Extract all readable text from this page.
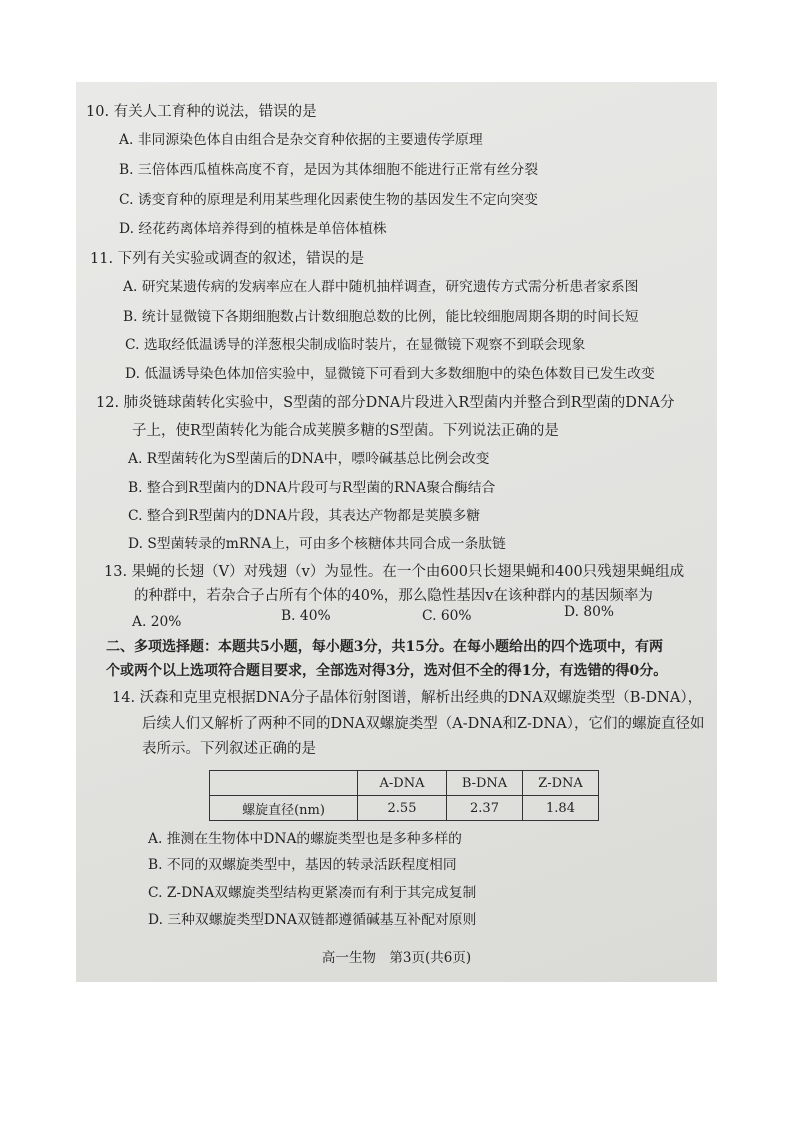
10. 有关人工育种的说法，错误的是
A. 非同源染色体自由组合是杂交育种依据的主要遗传学原理
B. 三倍体西瓜植株高度不育，是因为其体细胞不能进行正常有丝分裂
C. 诱变育种的原理是利用某些理化因素使生物的基因发生不定向突变
D. 经花药离体培养得到的植株是单倍体植株
11. 下列有关实验或调查的叙述，错误的是
A. 研究某遗传病的发病率应在人群中随机抽样调查，研究遗传方式需分析患者家系图
B. 统计显微镜下各期细胞数占计数细胞总数的比例，能比较细胞周期各期的时间长短
C. 选取经低温诱导的洋葱根尖制成临时装片，在显微镜下观察不到联会现象
D. 低温诱导染色体加倍实验中，显微镜下可看到大多数细胞中的染色体数目已发生改变
12. 肺炎链球菌转化实验中，S型菌的部分DNA片段进入R型菌内并整合到R型菌的DNA分
子上，使R型菌转化为能合成荚膜多糖的S型菌。下列说法正确的是
A. R型菌转化为S型菌后的DNA中，嘌呤碱基总比例会改变
B. 整合到R型菌内的DNA片段可与R型菌的RNA聚合酶结合
C. 整合到R型菌内的DNA片段，其表达产物都是荚膜多糖
D. S型菌转录的mRNA上，可由多个核糖体共同合成一条肽链
13. 果蝇的长翅（V）对残翅（v）为显性。在一个由600只长翅果蝇和400只残翅果蝇组成
的种群中，若杂合子占所有个体的40%，那么隐性基因v在该种群内的基因频率为
A. 20%	B. 40%	C. 60%	D. 80%
二、多项选择题：本题共5小题，每小题3分，共15分。在每小题给出的四个选项中，有两
个或两个以上选项符合题目要求，全部选对得3分，选对但不全的得1分，有选错的得0分。
14. 沃森和克里克根据DNA分子晶体衍射图谱，解析出经典的DNA双螺旋类型（B-DNA），
后续人们又解析了两种不同的DNA双螺旋类型（A-DNA和Z-DNA），它们的螺旋直径如
表所示。下列叙述正确的是
	A-DNA	B-DNA	Z-DNA
螺旋直径(nm)	2.55	2.37	1.84
A. 推测在生物体中DNA的螺旋类型也是多种多样的
B. 不同的双螺旋类型中，基因的转录活跃程度相同
C. Z-DNA双螺旋类型结构更紧凑而有利于其完成复制
D. 三种双螺旋类型DNA双链都遵循碱基互补配对原则
高一生物　第3页(共6页)
